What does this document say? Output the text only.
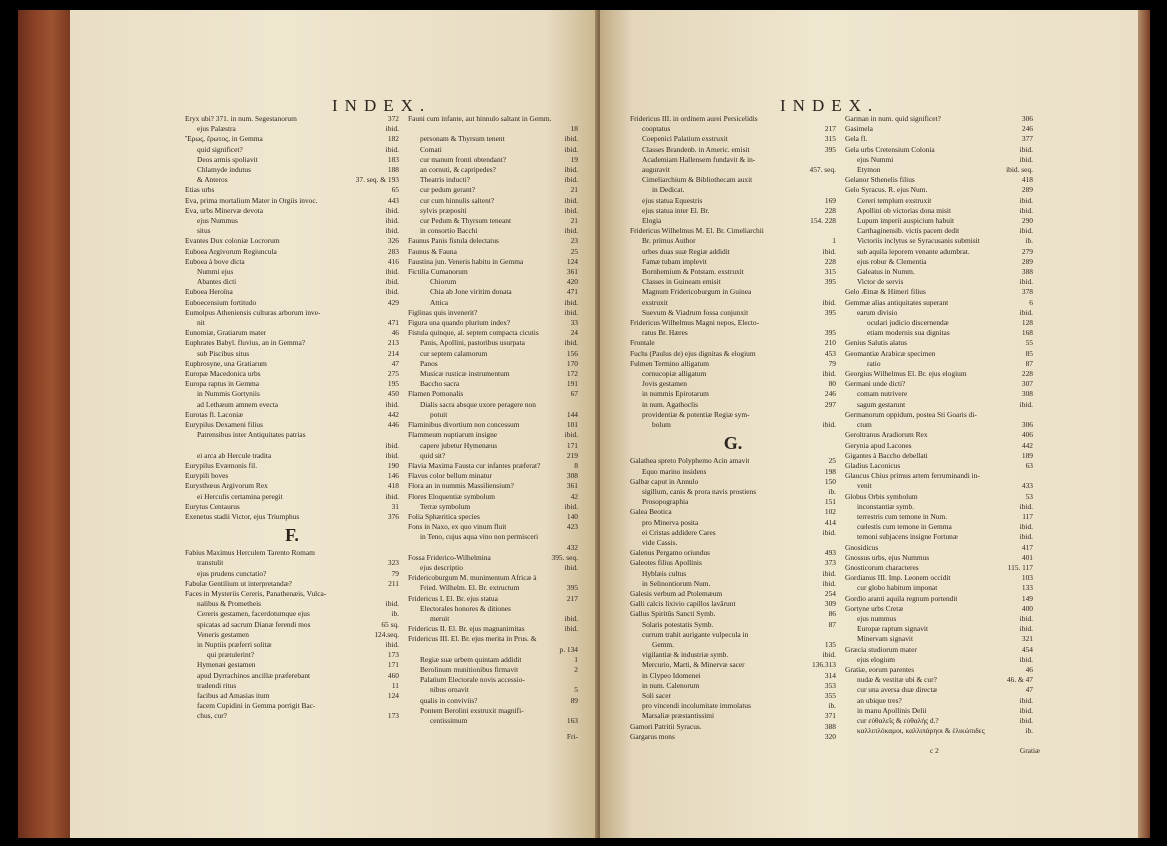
INDEX.
Eryx ubi? 371. in num. Segestanorum	372
ejus Palæstra	ibid.
Ἔρως, ἔρωτος, in Gemma	182
quid significet?	ibid.
Deos armis spoliavit	183
Chlamyde indutus	188
& Anteros	37. seq. & 193
Etias urbs	65
Eva, prima mortalium Mater in Orgiis invoc.	443
Eva, urbs Minervæ devota	ibid.
ejus Nummus	ibid.
situs	ibid.
Evantes Dux coloniæ Locrorum	326
Euboea Argivorum Regiuncula	283
Euboea à bove dicta	416
Nummi ejus	ibid.
Abantes dicti	ibid.
Euboea Heroïna	ibid.
Euboecensium fortitudo	429
Eumolpus Atheniensis culturas arborum inve-
nit	471
Eunomiæ, Gratiarum mater	46
Euphrates Babyl. fluvius, an in Gemma?	213
sub Piscibus situs	214
Euphrosyne, una Gratiarum	47
Europæ Macedonica urbs	275
Europa raptus in Gemma	195
in Nummis Gortyniis	450
ad Lethæum amnem evecta	ibid.
Eurotas fl. Laconiæ	442
Eurypilus Dexameni filius	446
Patrensibus inter Antiquitates patrias
ibid.
ei arca ab Hercule tradita	ibid.
Eurypilus Evæmonis fil.	190
Eurypili boves	146
Eurysthœus Argivorum Rex	418
ei Herculis certamina peregit	ibid.
Eurytus Centaurus	31
Exenetus stadii Victor, ejus Triumphus	376
F.
Fabius Maximus Herculem Tarento Romam
transtulit	323
ejus prudens cunctatio?	79
Fabulæ Gentilium ut interpretandæ?	211
Faces in Mysteriis Cereris, Panathenæis, Vulca-
nalibus & Prometheis	ibid.
Cereris gestamen, facerdotumque ejus	ib.
spicatas ad sacrum Dianæ ferendi mos	65 sq.
Veneris gestamen	124.seq.
in Nuptiis præferri solitæ	ibid.
qui prætulerint?	173
Hymenæi gestamen	171
apud Dyrrachinos ancillæ præferebant	460
tradendi ritus	11
facibus ad Amasias itum	124
facem Cupidini in Gemma porrigit Bac-
chus, cur?	173
Fauni cum infante, aut hinnulo saltant in Gemm.
18
personam & Thyrsum tenent	ibid.
Comati	ibid.
cur manum fronti obtendant?	19
an cornuti, & capripedes?	ibid.
Theatris inducti?	ibid.
cur pedum gerant?	21
cur cum hinnulis saltent?	ibid.
sylvis præpositi	ibid.
cur Pedum & Thyrsum teneant	21
in consortio Bacchi	ibid.
Faunus Panis fistula delectatus	23
Faunus & Fauna	25
Faustina jun. Veneris habitu in Gemma	124
Fictilia Cumanorum	361
Chiorum	420
Chia ab Jone viritim donata	471
Attica	ibid.
Figlinas quis invenerit?	ibid.
Figura una quando plurium index?	33
Fistula quinque, al. septem compacta cicutis	24
Panis, Apollini, pastoribus usurpata	ibid.
cur septem calamorum	156
Panos	170
Musicæ rusticæ instrumentum	172
Baccho sacra	191
Flamen Pomonalis	67
Dialis sacra absque uxore peragere non
potuit	144
Flaminibus divortium non concessum	101
Flammeum nuptiarum insigne	ibid.
capere jubetur Hymenæus	171
quid sit?	219
Flavia Maxima Fausta cur infantes præferat?	8
Flavus color bellum minatur	308
Flora an in nummis Massiliensium?	361
Flores Eloquentiæ symbolum	42
Terræ symbolum	ibid.
Folia Sphæritica species	140
Fons in Naxo, ex quo vinum fluit	423
in Teno, cujus aqua vino non permisceri
432
Fossa Friderico-Wilhelmina	395. seq.
ejus descriptio	ibid.
Fridericoburgum M. munimentum Africæ à
Fried. Wilhelm. El. Br. extructum	395
Fridericus I. El. Br. ejus statua	217
Electorales honores & ditiones
meruit	ibid.
Fridericus II. El. Br. ejus magnanimitas	ibid.
Fridericus III. El. Br. ejus merita in Prus. &
p. 134
Regiæ suæ urbem quintam addidit	1
Berolinum munitionibus firmavit	2
Palatium Electorale novis accessio-
nibus ornavit	5
qualis in conviviis?	89
Pontem Berolini exstruxit magnifi-
centissimum	163
Fri-
INDEX.
Fridericus III. in ordinem aurei Persicelidis
cooptatus	217
Coepenici Palatium exstruxit	315
Classes Brandenb. in Americ. emisit	395
Academiam Hallensem fundavit & in-
auguravit	457. seq.
Cimeliarchium & Bibliothecam auxit
in Dedicat.
ejus statua Equestris	169
ejus statua inter El. Br.	228
Elogia	154. 228
Fridericus Wilhelmus M. El. Br. Cimeliarchii
Br. primus Author	1
urbes duas suæ Regiæ addidit	ibid.
Famæ tubam implevit	228
Bornhemium & Potstam. exstruxit	315
Classes in Guineam emisit	395
Magnum Fridericoburgum in Guinea
exstruxit	ibid.
Suevum & Viadrum fossa conjunxit	395
Fridericus Wilhelmus Magni nepos, Electo-
ratus Br. Hæres	395
Frontale	210
Fuchs (Paulus de) ejus dignitas & elogium	453
Fulmen Termino alligatum	79
cornucopiæ alligatum	ibid.
Jovis gestamen	80
in nummis Epirotarum	246
in num. Agathoclis	297
providentiæ & potentiæ Regiæ sym-
bolum	ibid.
G.
Galathea spreto Polyphemo Acin amavit	25
Equo marino insidens	198
Galbæ caput in Annulo	150
sigillum, canis & prora navis prostiens	ib.
Prosopographia	151
Galea Beotica	102
pro Minerva posita	414
ei Cristas addidere Cares	ibid.
vide Cassis.
Galenus Pergamo oriundus	493
Galeotes filius Apollinis	373
Hyblæis cultus	ibid.
in Selinontiorum Num.	ibid.
Galesis verbum ad Ptolemæum	254
Galli calcis lixivio capillos lavârunt	309
Gallus Spiritûs Sancti Symb.	86
Solaris potestatis Symb.	87
currum trahit aurigante vulpecula in
Gemm.	135
vigilantiæ & industriæ symb.	ibid.
Mercurio, Marti, & Minervæ sacer	136.313
in Clypeo Idomenei	314
in num. Calenorum	353
Soli sacer	355
pro vincendi incolumitate immolatus	ib.
Marsaliæ præstantissimi	371
Gamori Patritii Syracus.	388
Gargarus mons	320
Garman in num. quid significet?	306
Gasimela	246
Gela fl.	377
Gela urbs Cretensium Colonia	ibid.
ejus Nummi	ibid.
Etymon	ibid. seq.
Gelanor Sthenelis filius	418
Gelo Syracus. R. ejus Num.	289
Cereri templum exstruxit	ibid.
Apollini ob victorias dona misit	ibid.
Lupum imperii auspicium habuit	290
Carthaginensib. victis pacem dedit	ibid.
Victoriis inclytus se Syracusanis submisit	ib.
sub aquila leporem venante adumbrat.	279
ejus robur & Clementia	289
Galeatus in Numm.	388
Victor de servis	ibid.
Gelo Ætnæ & Himeri filius	378
Gemmæ alias antiquitates superant	6
earum divisio	ibid.
oculari judicio discernendæ	128
etiam modernis sua dignitas	168
Genius Salutis alatus	55
Geomantiæ Arabicæ specimen	85
ratio	87
Georgius Wilhelmus El. Br. ejus elogium	228
Germani unde dicti?	307
comam nutrivere	308
sagum gestarunt	ibid.
Germanorum oppidum, postea Sti Goaris di-
ctum	306
Geroltranus Aradiorum Rex	406
Gerynia apud Lacones	442
Gigantes à Baccho debellati	189
Gladius Laconicus	63
Glaucus Chius primus artem ferruminandi in-
venit	433
Globus Orbis symbolum	53
inconstantiæ symb.	ibid.
terrestris cum temone in Num.	117
cœlestis cum temone in Gemma	ibid.
temoni subjacens insigne Fortunæ	ibid.
Gnosidicus	417
Gnossus urbs, ejus Nummus	401
Gnosticorum characteres	115. 117
Gordianus III. Imp. Leonem occidit	103
cur globo habitum imponat	133
Gordio aranti aquila regnum portendit	149
Gortyne urbs Cretæ	400
ejus nummus	ibid.
Europæ raptum signavit	ibid.
Minervam signavit	321
Græcia studiorum mater	454
ejus elogium	ibid.
Gratiæ, eorum parentes	46
nudæ & vestitæ ubi & cur?	46. & 47
cur una aversa duæ directæ	47
an ubique tres?	ibid.
in manu Apollinis Delii	ibid.
cur εὐθαλεῖς & εὐθαλής d.?	ibid.
καλλιπλόκαμοι, καλλιπάρηοι & ἑλικώπιδες	ib.
c 2	Gratiæ
